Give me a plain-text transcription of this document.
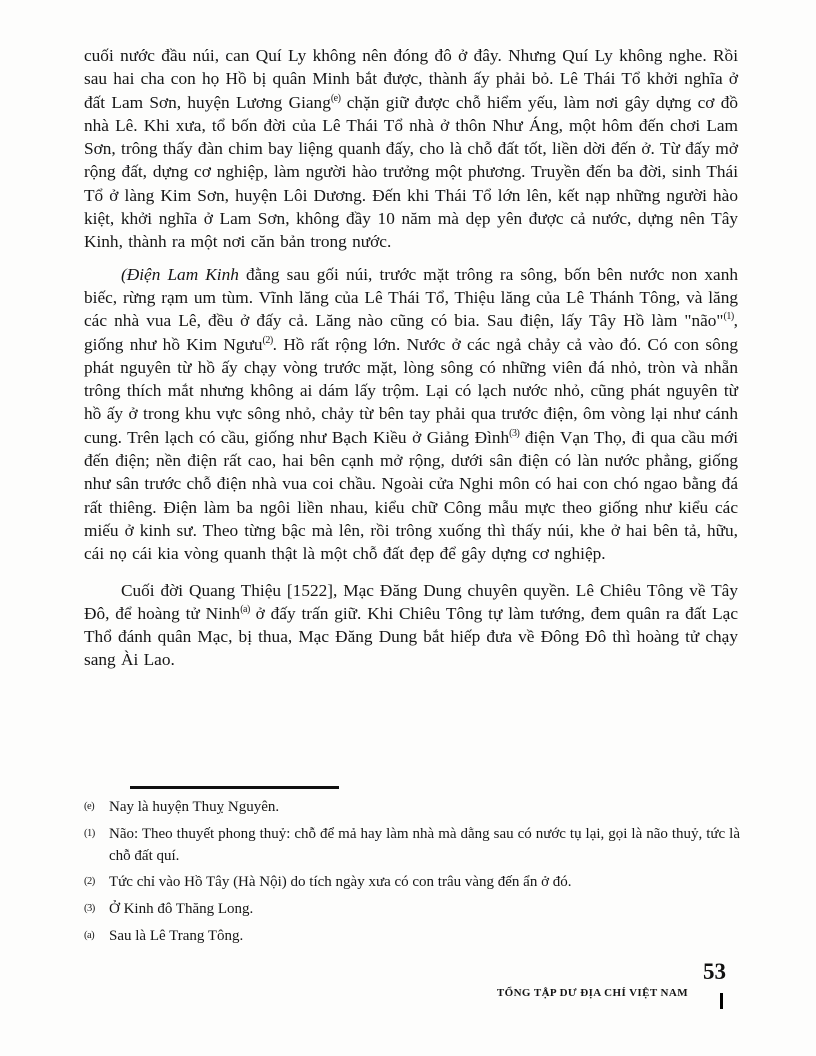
cuối nước đầu núi, can Quí Ly không nên đóng đô ở đây. Nhưng Quí Ly không nghe. Rồi sau hai cha con họ Hồ bị quân Minh bắt được, thành ấy phải bỏ. Lê Thái Tổ khởi nghĩa ở đất Lam Sơn, huyện Lương Giang$^{(e)}$ chặn giữ được chỗ hiểm yếu, làm nơi gây dựng cơ đồ nhà Lê. Khi xưa, tổ bốn đời của Lê Thái Tổ nhà ở thôn Như Áng, một hôm đến chơi Lam Sơn, trông thấy đàn chim bay liệng quanh đấy, cho là chỗ đất tốt, liền dời đến ở. Từ đấy mở rộng đất, dựng cơ nghiệp, làm người hào trưởng một phương. Truyền đến ba đời, sinh Thái Tổ ở làng Kim Sơn, huyện Lôi Dương. Đến khi Thái Tổ lớn lên, kết nạp những người hào kiệt, khởi nghĩa ở Lam Sơn, không đầy 10 năm mà dẹp yên được cả nước, dựng nên Tây Kinh, thành ra một nơi căn bản trong nước.

(Điện Lam Kinh đằng sau gối núi, trước mặt trông ra sông, bốn bên nước non xanh biếc, rừng rạm um tùm. Vĩnh lăng của Lê Thái Tổ, Thiệu lăng của Lê Thánh Tông, và lăng các nhà vua Lê, đều ở đấy cả. Lăng nào cũng có bia. Sau điện, lấy Tây Hồ làm "não"$^{(1)}$, giống như hồ Kim Ngưu$^{(2)}$. Hồ rất rộng lớn. Nước ở các ngả chảy cả vào đó. Có con sông phát nguyên từ hồ ấy chạy vòng trước mặt, lòng sông có những viên đá nhỏ, tròn và nhẵn trông thích mắt nhưng không ai dám lấy trộm. Lại có lạch nước nhỏ, cũng phát nguyên từ hồ ấy ở trong khu vực sông nhỏ, chảy từ bên tay phải qua trước điện, ôm vòng lại như cánh cung. Trên lạch có cầu, giống như Bạch Kiều ở Giảng Đình$^{(3)}$ điện Vạn Thọ, đi qua cầu mới đến điện; nền điện rất cao, hai bên cạnh mở rộng, dưới sân điện có làn nước phẳng, giống như sân trước chỗ điện nhà vua coi chầu. Ngoài cửa Nghi môn có hai con chó ngao bằng đá rất thiêng. Điện làm ba ngôi liền nhau, kiểu chữ Công mẫu mực theo giống như kiểu các miếu ở kinh sư. Theo từng bậc mà lên, rồi trông xuống thì thấy núi, khe ở hai bên tả, hữu, cái nọ cái kia vòng quanh thật là một chỗ đất đẹp để gây dựng cơ nghiệp.

Cuối đời Quang Thiệu [1522], Mạc Đăng Dung chuyên quyền. Lê Chiêu Tông về Tây Đô, để hoàng tử Ninh$^{(a)}$ ở đấy trấn giữ. Khi Chiêu Tông tự làm tướng, đem quân ra đất Lạc Thổ đánh quân Mạc, bị thua, Mạc Đăng Dung bắt hiếp đưa về Đông Đô thì hoàng tử chạy sang Ài Lao.

(e) Nay là huyện Thuỵ Nguyên.
(1) Não: Theo thuyết phong thuỷ: chỗ để mả hay làm nhà mà dằng sau có nước tụ lại, gọi là não thuỷ, tức là chỗ đất quí.
(2) Tức chỉ vào Hồ Tây (Hà Nội) do tích ngày xưa có con trâu vàng đến ẩn ở đó.
(3) Ở Kinh đô Thăng Long.
(a) Sau là Lê Trang Tông.
TỔNG TẬP DƯ ĐỊA CHÍ VIỆT NAM
53
